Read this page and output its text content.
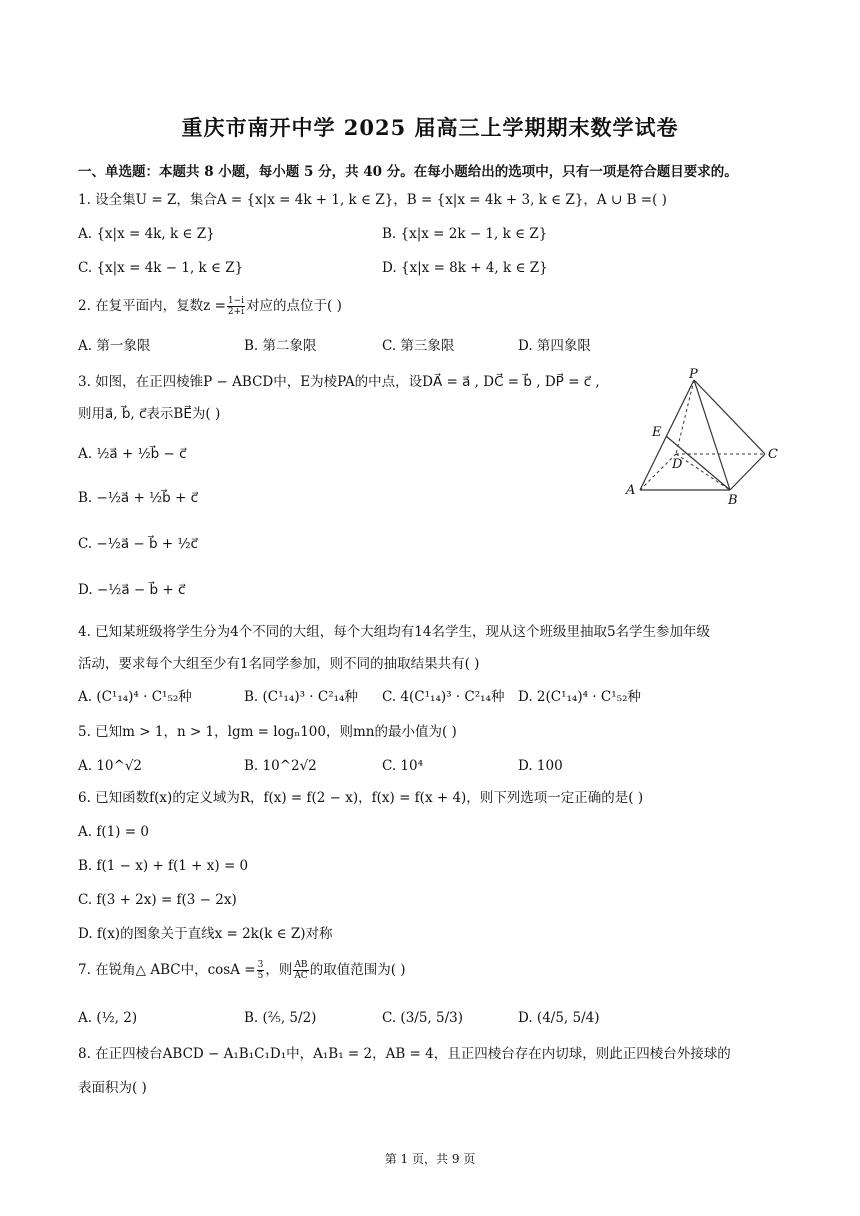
重庆市南开中学 2025 届高三上学期期末数学试卷
一、单选题：本题共 8 小题，每小题 5 分，共 40 分。在每小题给出的选项中，只有一项是符合题目要求的。
1. 设全集U = Z，集合A = {x|x = 4k + 1, k ∈ Z}，B = {x|x = 4k + 3, k ∈ Z}，A ∪ B =( )
A. {x|x = 4k, k ∈ Z}	B. {x|x = 2k − 1, k ∈ Z}
C. {x|x = 4k − 1, k ∈ Z}	D. {x|x = 8k + 4, k ∈ Z}
2. 在复平面内，复数$z = \frac{1-i}{2+i}$ 对应的点位于( )
A. 第一象限	B. 第二象限	C. 第三象限	D. 第四象限
3. 如图，在正四棱锥P − ABCD中，E为棱PA的中点，设DA⃗ = a⃗ , DC⃗ = b⃗ , DP⃗ = c⃗ ,
则用a⃗, b⃗, c⃗表示BE⃗为( )
A. ½a⃗ + ½b⃗ − c⃗
B. −½a⃗ + ½b⃗ + c⃗
C. −½a⃗ − b⃗ + ½c⃗
D. −½a⃗ − b⃗ + c⃗
P
E
D
C
A
B
4. 已知某班级将学生分为4个不同的大组，每个大组均有14名学生，现从这个班级里抽取5名学生参加年级
活动，要求每个大组至少有1名同学参加，则不同的抽取结果共有( )
A. (C¹₁₄)⁴ · C¹₅₂种	B. (C¹₁₄)³ · C²₁₄种 C. 4(C¹₁₄)³ · C²₁₄种 D. 2(C¹₁₄)⁴ · C¹₅₂种
5. 已知m > 1，n > 1，lgm = logₙ100，则mn的最小值为( )
A. 10^√2	B. 10^2√2	C. 10⁴	D. 100
6. 已知函数f(x)的定义域为R，f(x) = f(2 − x)，f(x) = f(x + 4)，则下列选项一定正确的是( )
A. f(1) = 0
B. f(1 − x) + f(1 + x) = 0
C. f(3 + 2x) = f(3 − 2x)
D. f(x)的图象关于直线x = 2k(k ∈ Z)对称
7. 在锐角△ ABC中，$\cos A = \frac{3}{5}$ ，则 $\frac{AB}{AC}$ 的取值范围为( )
A. (½, 2)	B. (⅖, 5/2)	C. (3/5, 5/3)	D. (4/5, 5/4)
8. 在正四棱台ABCD − A₁B₁C₁D₁中，A₁B₁ = 2，AB = 4，且正四棱台存在内切球，则此正四棱台外接球的
表面积为( )
第 1 页，共 9 页
